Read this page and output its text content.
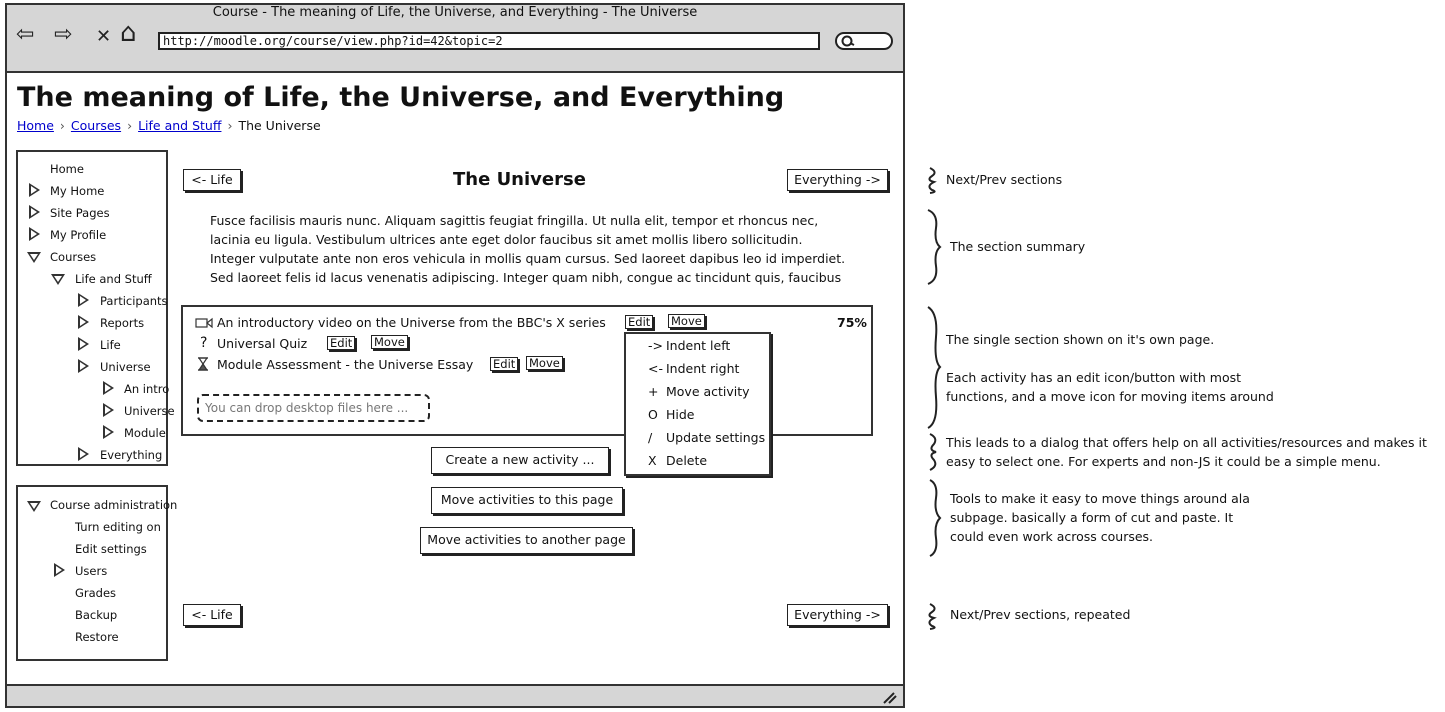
Course - The meaning of Life, the Universe, and Everything - The Universe
⇦ ⇨ ✕ ⌂	http://moodle.org/course/view.php?id=42&topic=2
The meaning of Life, the Universe, and Everything
Home › Courses › Life and Stuff › The Universe
Home
My Home
Site Pages
My Profile
Courses
Life and Stuff
Participants
Reports
Life
Universe
An intro
Universe
Module
Everything
Course administration
Turn editing on
Edit settings
Users
Grades
Backup
Restore
<- Life	The Universe	Everything ->
Fusce facilisis mauris nunc. Aliquam sagittis feugiat fringilla. Ut nulla elit, tempor et rhoncus nec,
lacinia eu ligula. Vestibulum ultrices ante eget dolor faucibus sit amet mollis libero sollicitudin.
Integer vulputate ante non eros vehicula in mollis quam cursus. Sed laoreet dapibus leo id imperdiet.
Sed laoreet felis id lacus venenatis adipiscing. Integer quam nibh, congue ac tincidunt quis, faucibus
An introductory video on the Universe from the BBC's X series Edit Move	75%
? Universal Quiz Edit Move
Module Assessment - the Universe Essay Edit Move
You can drop desktop files here ...
-> Indent left
<- Indent right
+ Move activity
O Hide
/ Update settings
X Delete
Create a new activity ...
Move activities to this page
Move activities to another page
<- Life	Everything ->
Next/Prev sections
The section summary
The single section shown on it's own page.
Each activity has an edit icon/button with most
functions, and a move icon for moving items around
This leads to a dialog that offers help on all activities/resources and makes it
easy to select one. For experts and non-JS it could be a simple menu.
Tools to make it easy to move things around ala
subpage. basically a form of cut and paste. It
could even work across courses.
Next/Prev sections, repeated
